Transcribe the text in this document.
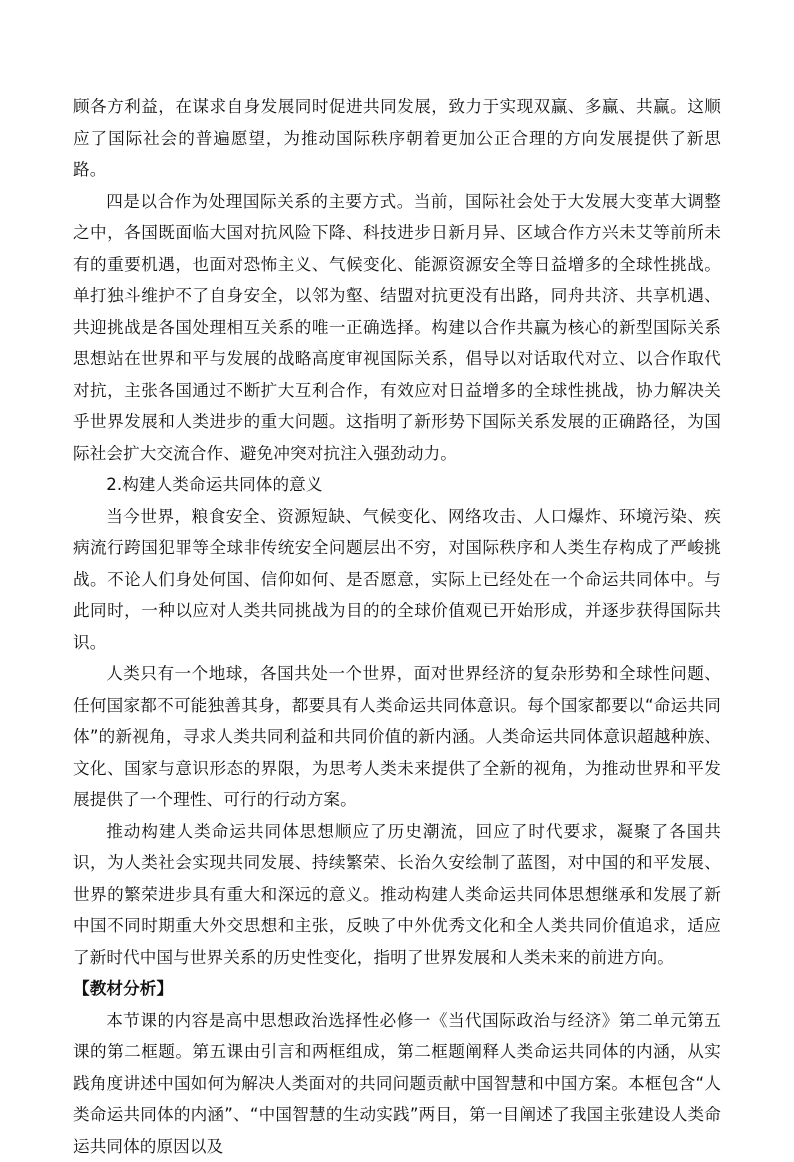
顾各方利益，在谋求自身发展同时促进共同发展，致力于实现双赢、多赢、共赢。这顺应了国际社会的普遍愿望，为推动国际秩序朝着更加公正合理的方向发展提供了新思路。

四是以合作为处理国际关系的主要方式。当前，国际社会处于大发展大变革大调整之中，各国既面临大国对抗风险下降、科技进步日新月异、区域合作方兴未艾等前所未有的重要机遇，也面对恐怖主义、气候变化、能源资源安全等日益增多的全球性挑战。单打独斗维护不了自身安全，以邻为壑、结盟对抗更没有出路，同舟共济、共享机遇、共迎挑战是各国处理相互关系的唯一正确选择。构建以合作共赢为核心的新型国际关系思想站在世界和平与发展的战略高度审视国际关系，倡导以对话取代对立、以合作取代对抗，主张各国通过不断扩大互利合作，有效应对日益增多的全球性挑战，协力解决关乎世界发展和人类进步的重大问题。这指明了新形势下国际关系发展的正确路径，为国际社会扩大交流合作、避免冲突对抗注入强劲动力。

2.构建人类命运共同体的意义

当今世界，粮食安全、资源短缺、气候变化、网络攻击、人口爆炸、环境污染、疾病流行跨国犯罪等全球非传统安全问题层出不穷，对国际秩序和人类生存构成了严峻挑战。不论人们身处何国、信仰如何、是否愿意，实际上已经处在一个命运共同体中。与此同时，一种以应对人类共同挑战为目的的全球价值观已开始形成，并逐步获得国际共识。

人类只有一个地球，各国共处一个世界，面对世界经济的复杂形势和全球性问题、任何国家都不可能独善其身，都要具有人类命运共同体意识。每个国家都要以“命运共同体”的新视角，寻求人类共同利益和共同价值的新内涵。人类命运共同体意识超越种族、文化、国家与意识形态的界限，为思考人类未来提供了全新的视角，为推动世界和平发展提供了一个理性、可行的行动方案。

推动构建人类命运共同体思想顺应了历史潮流，回应了时代要求，凝聚了各国共识，为人类社会实现共同发展、持续繁荣、长治久安绘制了蓝图，对中国的和平发展、世界的繁荣进步具有重大和深远的意义。推动构建人类命运共同体思想继承和发展了新中国不同时期重大外交思想和主张，反映了中外优秀文化和全人类共同价值追求，适应了新时代中国与世界关系的历史性变化，指明了世界发展和人类未来的前进方向。

【教材分析】

本节课的内容是高中思想政治选择性必修一《当代国际政治与经济》第二单元第五课的第二框题。第五课由引言和两框组成，第二框题阐释人类命运共同体的内涵，从实践角度讲述中国如何为解决人类面对的共同问题贡献中国智慧和中国方案。本框包含“人类命运共同体的内涵”、“中国智慧的生动实践”两目，第一目阐述了我国主张建设人类命运共同体的原因以及
